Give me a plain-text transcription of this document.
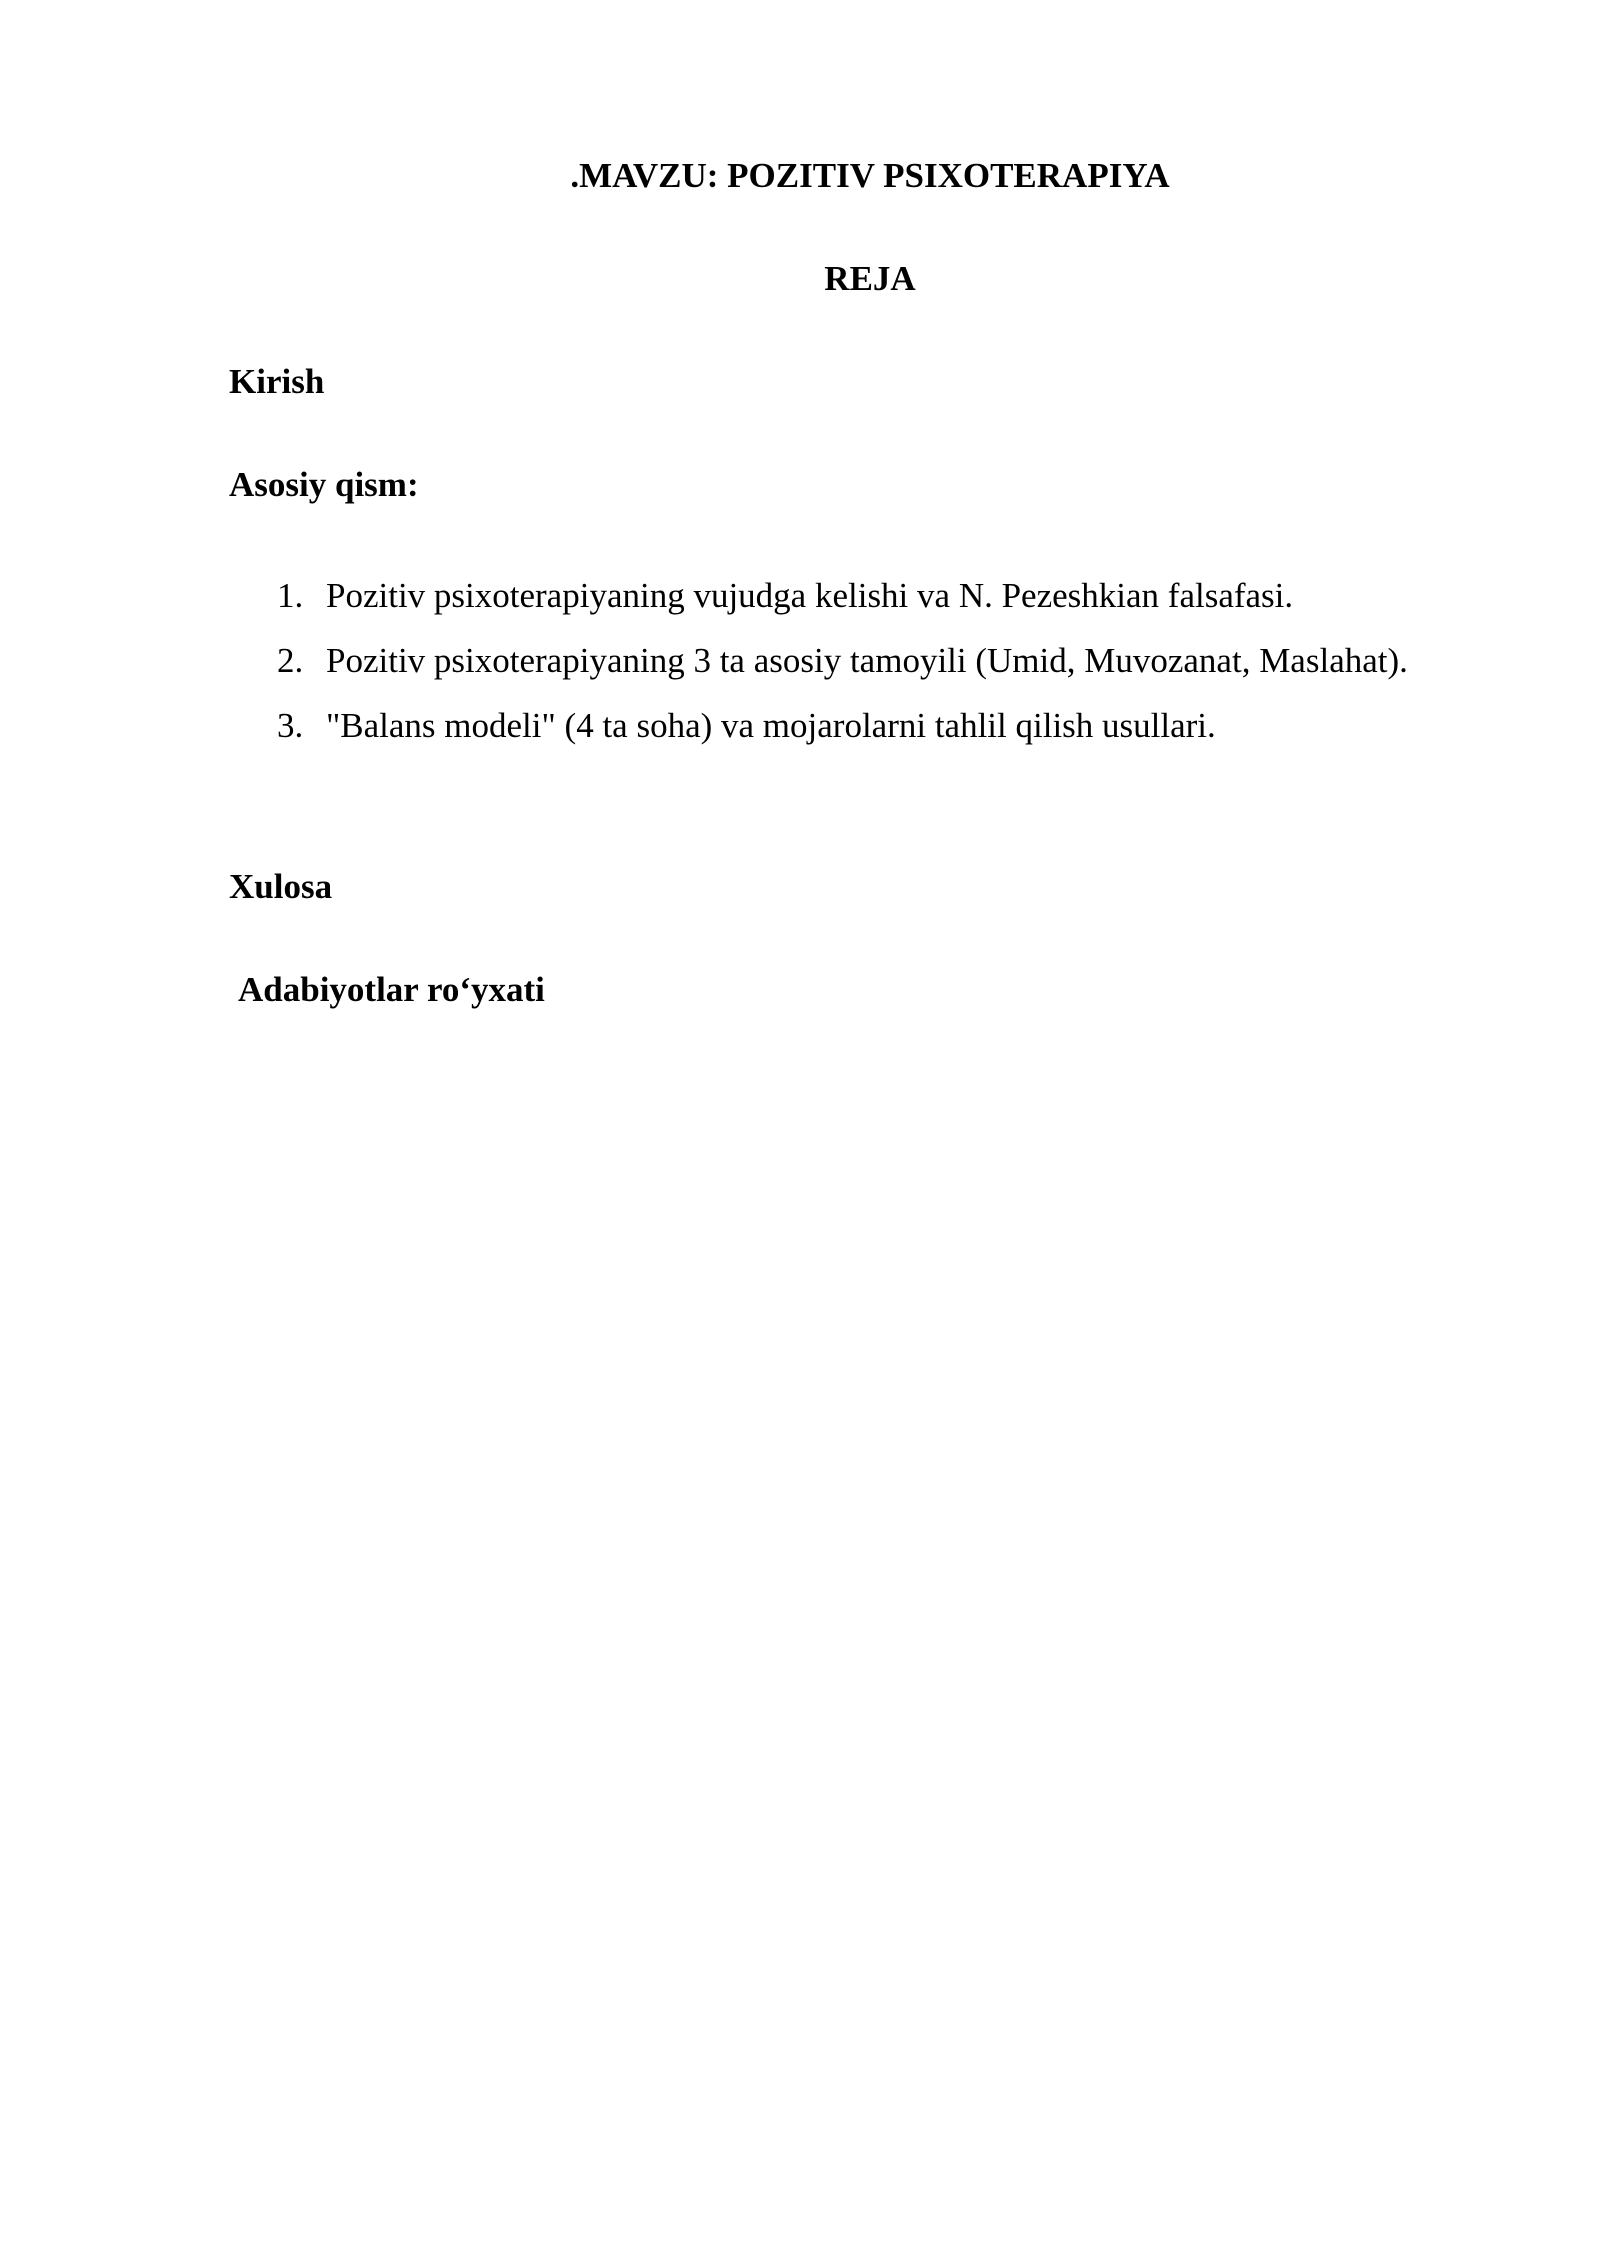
.MAVZU: POZITIV PSIXOTERAPIYA
REJA
Kirish
Asosiy qism:
1. Pozitiv psixoterapiyaning vujudga kelishi va N. Pezeshkian falsafasi.
2. Pozitiv psixoterapiyaning 3 ta asosiy tamoyili (Umid, Muvozanat, Maslahat).
3. "Balans modeli" (4 ta soha) va mojarolarni tahlil qilish usullari.
Xulosa
Adabiyotlar ro‘yxati
